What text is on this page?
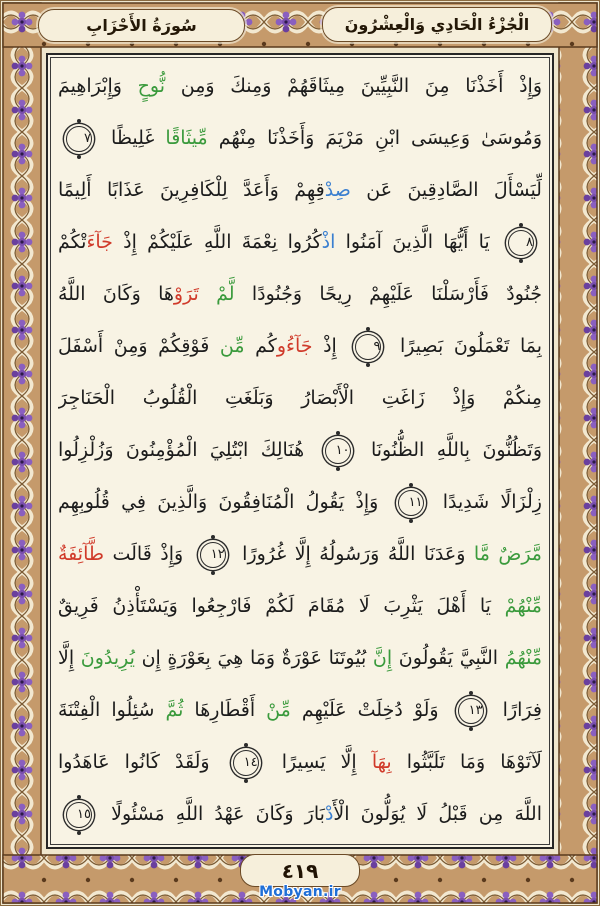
الْجُزْءُ الْحَادِي وَالْعِشْرُونَ
سُورَةُ الأَحْزَابِ
وَإِذْ أَخَذْنَا مِنَ النَّبِيِّينَ مِيثَاقَهُمْ وَمِنكَ وَمِن نُّوحٍ وَإِبْرَاهِيمَ
وَمُوسَىٰ وَعِيسَى ابْنِ مَرْيَمَ وَأَخَذْنَا مِنْهُم مِّيثَاقًا غَلِيظًا ٧
لِّيَسْأَلَ الصَّادِقِينَ عَن صِدْقِهِمْ وَأَعَدَّ لِلْكَافِرِينَ عَذَابًا أَلِيمًا
٨ يَا أَيُّهَا الَّذِينَ آمَنُوا اذْكُرُوا نِعْمَةَ اللَّهِ عَلَيْكُمْ إِذْ جَآءَتْكُمْ
جُنُودٌ فَأَرْسَلْنَا عَلَيْهِمْ رِيحًا وَجُنُودًا لَّمْ تَرَوْهَا وَكَانَ اللَّهُ
بِمَا تَعْمَلُونَ بَصِيرًا ٩ إِذْ جَآءُوكُم مِّن فَوْقِكُمْ وَمِنْ أَسْفَلَ
مِنكُمْ وَإِذْ زَاغَتِ الْأَبْصَارُ وَبَلَغَتِ الْقُلُوبُ الْحَنَاجِرَ
وَتَظُنُّونَ بِاللَّهِ الظُّنُونَا ١٠ هُنَالِكَ ابْتُلِيَ الْمُؤْمِنُونَ وَزُلْزِلُوا
زِلْزَالًا شَدِيدًا ١١ وَإِذْ يَقُولُ الْمُنَافِقُونَ وَالَّذِينَ فِي قُلُوبِهِم
مَّرَضٌ مَّا وَعَدَنَا اللَّهُ وَرَسُولُهُ إِلَّا غُرُورًا ١٢ وَإِذْ قَالَت طَّآئِفَةٌ
مِّنْهُمْ يَا أَهْلَ يَثْرِبَ لَا مُقَامَ لَكُمْ فَارْجِعُوا وَيَسْتَأْذِنُ فَرِيقٌ
مِّنْهُمُ النَّبِيَّ يَقُولُونَ إِنَّ بُيُوتَنَا عَوْرَةٌ وَمَا هِيَ بِعَوْرَةٍ إِن يُرِيدُونَ إِلَّا
فِرَارًا ١٣ وَلَوْ دُخِلَتْ عَلَيْهِم مِّنْ أَقْطَارِهَا ثُمَّ سُئِلُوا الْفِتْنَةَ
لَآتَوْهَا وَمَا تَلَبَّثُوا بِهَآ إِلَّا يَسِيرًا ١٤ وَلَقَدْ كَانُوا عَاهَدُوا
اللَّهَ مِن قَبْلُ لَا يُوَلُّونَ الْأَدْبَارَ وَكَانَ عَهْدُ اللَّهِ مَسْئُولًا ١٥
٤١٩
Mobyan.ir
